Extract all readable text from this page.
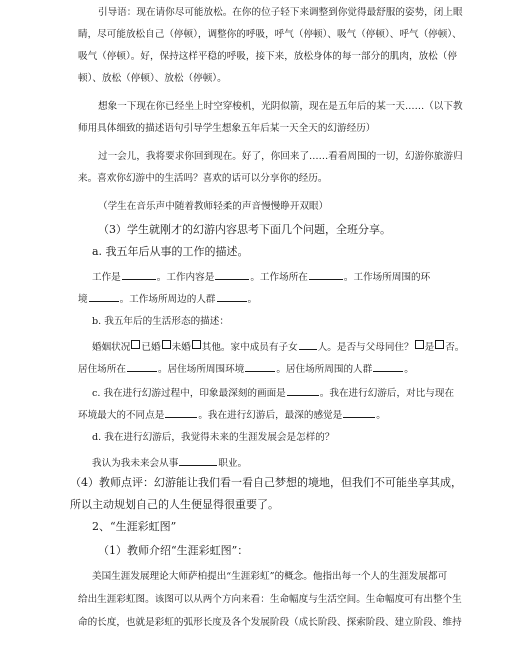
引导语：现在请你尽可能放松。在你的位子轻下来调整到你觉得最舒服的姿势，闭上眼
睛，尽可能放松自己（停顿），调整你的呼吸，呼气（停顿）、吸气（停顿）、呼气（停顿）、
吸气（停顿）。好，保持这样平稳的呼吸，接下来，放松身体的每一部分的肌肉，放松（停
顿）、放松（停顿）、放松（停顿）。
想象一下现在你已经坐上时空穿梭机，光阴似箭，现在是五年后的某一天……（以下教
师用具体细致的描述语句引导学生想象五年后某一天全天的幻游经历）
过一会儿，我将要求你回到现在。好了，你回来了……看看周围的一切，幻游你旅游归
来。喜欢你幻游中的生活吗？喜欢的话可以分享你的经历。
（学生在音乐声中随着教师轻柔的声音慢慢睁开双眼）
（3）学生就刚才的幻游内容思考下面几个问题，全班分享。
a. 我五年后从事的工作的描述。
工作是	。工作内容是	。工作场所在	。工作场所周围的环
境	。工作场所周边的人群	。
b. 我五年后的生活形态的描述：
婚姻状况 已婚 未婚 其他。家中成员有子女 人。是否与父母同住？ 是 否。
居住场所在	。居住场所周围环境	。居住场所周围的人群	。
c. 我在进行幻游过程中，印象最深刻的画面是	。我在进行幻游后，对比与现在
环境最大的不同点是	。我在进行幻游后，最深的感觉是	。
d. 我在进行幻游后，我觉得未来的生涯发展会是怎样的？
我认为我未来会从事	职业。
（4）教师点评：幻游能让我们看一看自己梦想的境地，但我们不可能坐享其成，
所以主动规划自己的人生便显得很重要了。
2、“生涯彩虹图”
（1）教师介绍“生涯彩虹图”：
美国生涯发展理论大师萨柏提出“生涯彩虹”的概念。他指出每一个人的生涯发展都可
给出生涯彩虹图。该图可以从两个方向来看：生命幅度与生活空间。生命幅度可有出整个生
命的长度，也就是彩虹的弧形长度及各个发展阶段（成长阶段、探索阶段、建立阶段、维持
